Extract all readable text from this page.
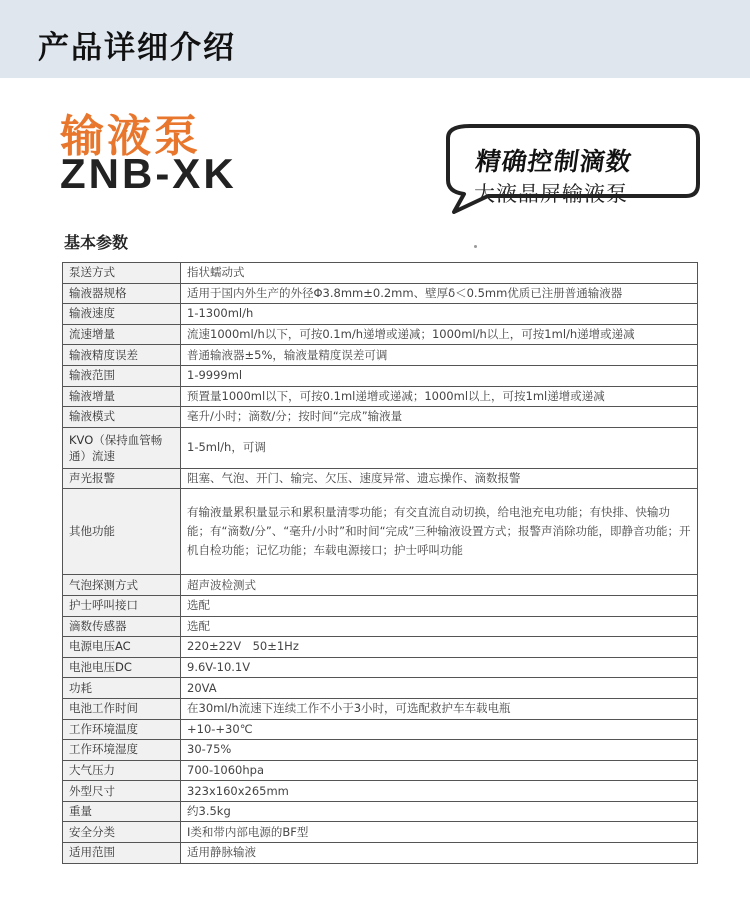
产品详细介绍
输液泵
ZNB-XK	精确控制滴数
大液晶屏输液泵
基本参数
泵送方式	指状蠕动式
输液器规格	适用于国内外生产的外径Φ3.8mm±0.2mm、壁厚δ＜0.5mm优质已注册普通输液器
输液速度	1-1300ml/h
流速增量	流速1000ml/h以下，可按0.1m/h递增或递减；1000ml/h以上，可按1ml/h递增或递减
输液精度误差	普通输液器±5%，输液量精度误差可调
输液范围	1-9999ml
输液增量	预置量1000ml以下，可按0.1ml递增或递减；1000ml以上，可按1ml递增或递减
输液模式	毫升/小时；滴数/分；按时间“完成”输液量
KVO（保持血管畅通）流速	1-5ml/h，可调
声光报警	阻塞、气泡、开门、输完、欠压、速度异常、遗忘操作、滴数报警
其他功能	有输液量累积量显示和累积量清零功能；有交直流自动切换，给电池充电功能；有快排、快输功能；有“滴数/分”、“毫升/小时”和时间“完成”三种输液设置方式；报警声消除功能，即静音功能；开机自检功能；记忆功能；车载电源接口；护士呼叫功能
气泡探测方式	超声波检测式
护士呼叫接口	选配
滴数传感器	选配
电源电压AC	220±22V　50±1Hz
电池电压DC	9.6V-10.1V
功耗	20VA
电池工作时间	在30ml/h流速下连续工作不小于3小时，可选配救护车车载电瓶
工作环境温度	+10-+30℃
工作环境湿度	30-75%
大气压力	700-1060hpa
外型尺寸	323x160x265mm
重量	约3.5kg
安全分类	Ⅰ类和带内部电源的BF型
适用范围	适用静脉输液
